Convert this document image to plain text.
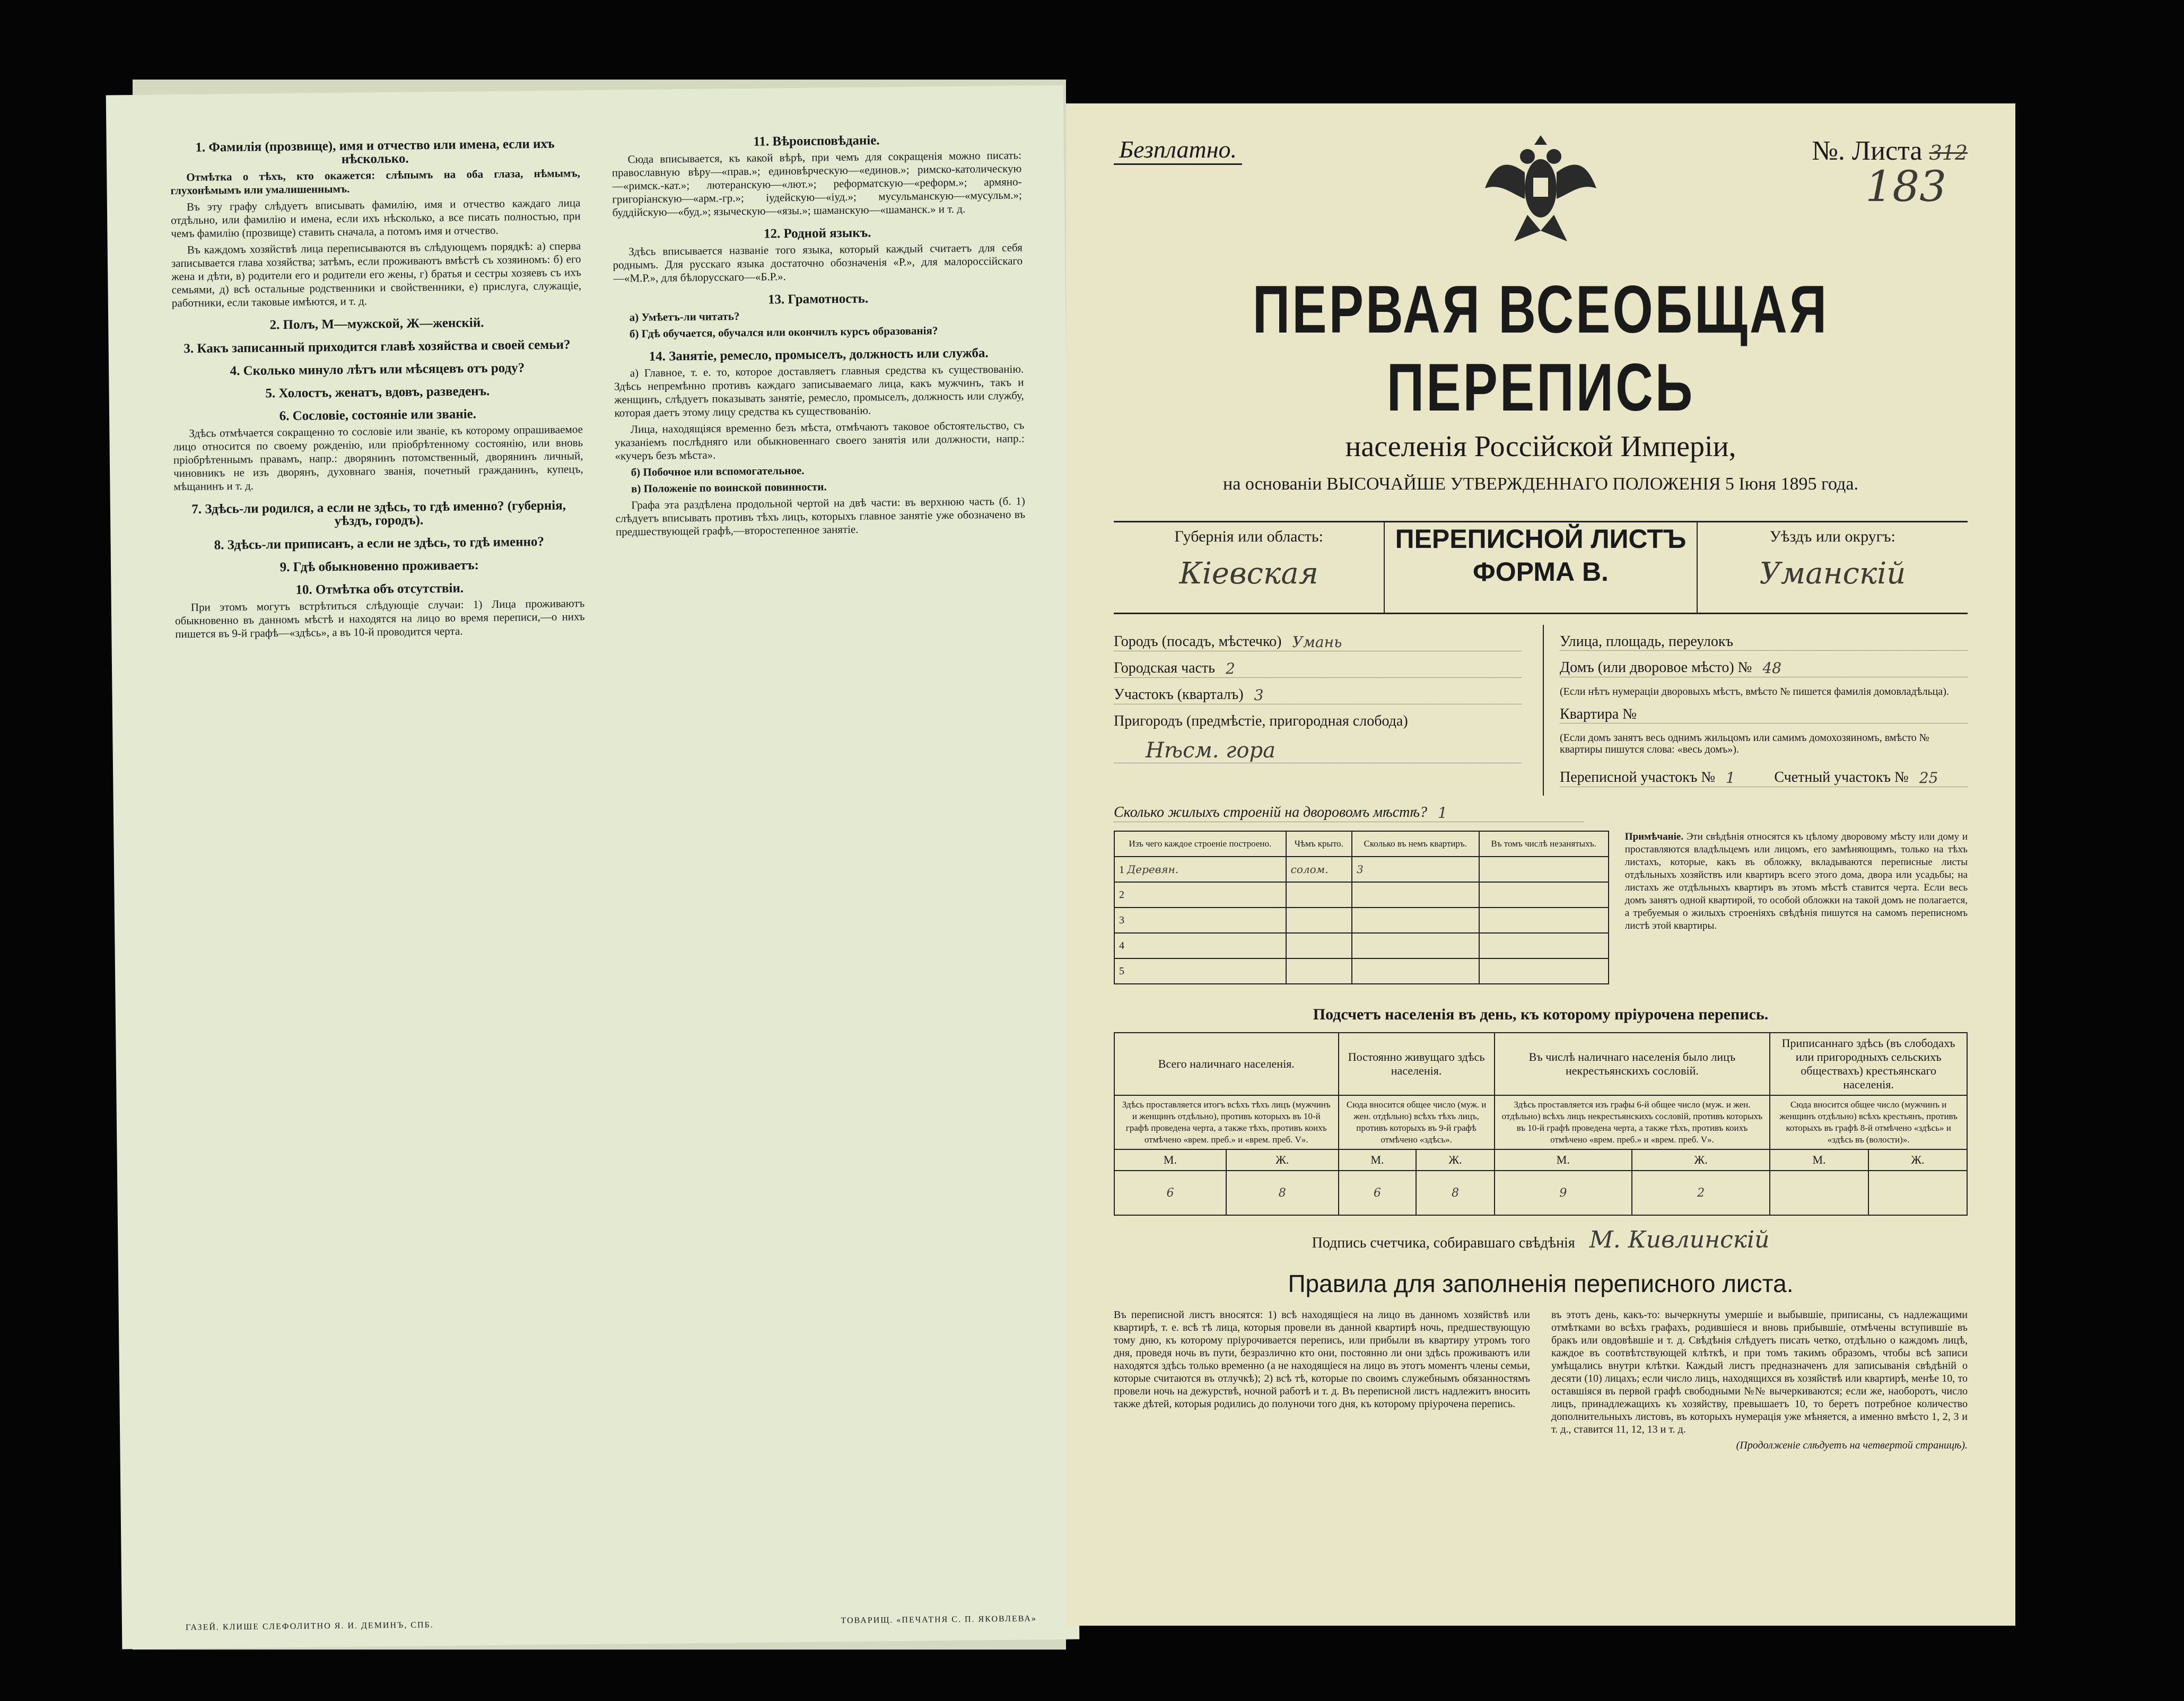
1. Фамилія (прозвище), имя и отчество или имена, если ихъ нѣсколько.

Отмѣтка о тѣхъ, кто окажется: слѣпымъ на оба глаза, нѣмымъ, глухонѣмымъ или умалишеннымъ.

Въ эту графу слѣдуетъ вписывать фамилію, имя и отчество каждаго лица отдѣльно, или фамилію и имена, если ихъ нѣсколько, а все писать полностью, при чемъ фамилію (прозвище) ставить сначала, а потомъ имя и отчество.

Въ каждомъ хозяйствѣ лица переписываются въ слѣдующемъ порядкѣ: а) сперва записывается глава хозяйства; затѣмъ, если проживаютъ вмѣстѣ съ хозяиномъ: б) его жена и дѣти, в) родители его и родители его жены, г) братья и сестры хозяевъ съ ихъ семьями, д) всѣ остальные родственники и свойственники, е) прислуга, служащіе, работники, если таковые имѣются, и т. д.

2. Полъ, М—мужской, Ж—женскій.
3. Какъ записанный приходится главѣ хозяйства и своей семьи?
4. Сколько минуло лѣтъ или мѣсяцевъ отъ роду?
5. Холостъ, женатъ, вдовъ, разведенъ.
6. Сословіе, состояніе или званіе.

Здѣсь отмѣчается сокращенно то сословіе или званіе, къ которому опрашиваемое лицо относится по своему рожденію, или пріобрѣтенному состоянію, или вновь пріобрѣтеннымъ правамъ, напр.: дворянинъ потомственный, дворянинъ личный, чиновникъ не изъ дворянъ, духовнаго званія, почетный гражданинъ, купецъ, мѣщанинъ и т. д.

7. Здѣсь-ли родился, а если не здѣсь, то гдѣ именно? (губернія, уѣздъ, городъ).
8. Здѣсь-ли приписанъ, а если не здѣсь, то гдѣ именно?
9. Гдѣ обыкновенно проживаетъ:
10. Отмѣтка объ отсутствіи.

При этомъ могутъ встрѣтиться слѣдующіе случаи: 1) Лица проживаютъ обыкновенно въ данномъ мѣстѣ и находятся на лицо во время переписи,—о нихъ пишется въ 9-й графѣ—«здѣсь», а въ 10-й проводится черта.

11. Вѣроисповѣданіе.

Сюда вписывается, къ какой вѣрѣ, при чемъ для сокращенія можно писать: православную вѣру—«прав.»; единовѣрческую—«единов.»; римско-католическую—«римск.-кат.»; лютеранскую—«лют.»; реформатскую—«реформ.»; армяно-григоріанскую—«арм.-гр.»; іудейскую—«іуд.»; мусульманскую—«мусульм.»; буддійскую—«буд.»; языческую—«язы.»; шаманскую—«шаманск.» и т. д.

12. Родной языкъ.

Здѣсь вписывается названіе того языка, который каждый считаетъ для себя роднымъ. Для русскаго языка достаточно обозначенія «Р.», для малороссійскаго—«М.Р.», для бѣлорусскаго—«Б.Р.».

13. Грамотность.

а) Умѣетъ-ли читать?

б) Гдѣ обучается, обучался или окончилъ курсъ образованія?

14. Занятіе, ремесло, промыселъ, должность или служба.

а) Главное, т. е. то, которое доставляетъ главныя средства къ существованію. Здѣсь непремѣнно противъ каждаго записываемаго лица, какъ мужчинъ, такъ и женщинъ, слѣдуетъ показывать занятіе, ремесло, промыселъ, должность или службу, которая даетъ этому лицу средства къ существованію.

Лица, находящіяся временно безъ мѣста, отмѣчаютъ таковое обстоятельство, съ указаніемъ послѣдняго или обыкновеннаго своего занятія или должности, напр.: «кучеръ безъ мѣста».

б) Побочное или вспомогательное.

в) Положеніе по воинской повинности.

Графа эта раздѣлена продольной чертой на двѣ части: въ верхнюю часть (б. 1) слѣдуетъ вписывать противъ тѣхъ лицъ, которыхъ главное занятіе уже обозначено въ предшествующей графѣ,—второстепенное занятіе.

ГАЗЕЙ. КЛИШЕ СЛЕФОЛИТНО Я. И. ДЕМИНЪ, СПБ.
ТОВАРИЩ. «ПЕЧАТНЯ С. П. ЯКОВЛЕВА»
Безплатно.	№. Листа 312
183
ПЕРВАЯ ВСЕОБЩАЯ ПЕРЕПИСЬ
населенія Россійской Имперіи,
на основаніи ВЫСОЧАЙШЕ УТВЕРЖДЕННАГО ПОЛОЖЕНІЯ 5 Іюня 1895 года.
Губернія или область:
Кіевская
ПЕРЕПИСНОЙ ЛИСТЪ
ФОРМА В.
Уѣздъ или округъ:
Уманскій
Городъ (посадъ, мѣстечко) Умань
Городская часть 2
Участокъ (кварталъ) 3
Пригородъ (предмѣстіе, пригородная слобода)
Нѣсм. гора
Улица, площадь, переулокъ
Домъ (или дворовое мѣсто) № 48
(Если нѣтъ нумераціи дворовыхъ мѣстъ, вмѣсто № пишется фамилія домовладѣльца).
Квартира №
(Если домъ занятъ весь однимъ жильцомъ или самимъ домохозяиномъ, вмѣсто № квартиры пишутся слова: «весь домъ»).
Переписной участокъ № 1	Счетный участокъ № 25
Сколько жилыхъ строеній на дворовомъ мѣстѣ? 1
Изъ чего каждое строеніе построено.	Чѣмъ крыто.	Сколько въ немъ квартиръ.	Въ томъ числѣ незанятыхъ.
1 Деревян.	солом.	3	
2			
3			
4			
5			
Примѣчаніе. Эти свѣдѣнія относятся къ цѣлому дворовому мѣсту или дому и проставляются владѣльцемъ или лицомъ, его замѣняющимъ, только на тѣхъ листахъ, которые, какъ въ обложку, вкладываются переписные листы отдѣльныхъ хозяйствъ или квартиръ всего этого дома, двора или усадьбы; на листахъ же отдѣльныхъ квартиръ въ этомъ мѣстѣ ставится черта. Если весь домъ занятъ одной квартирой, то особой обложки на такой домъ не полагается, а требуемыя о жилыхъ строеніяхъ свѣдѣнія пишутся на самомъ переписномъ листѣ этой квартиры.
Подсчетъ населенія въ день, къ которому пріурочена перепись.
Всего наличнаго населенія.		Постоянно живущаго здѣсь населенія.		Въ числѣ наличнаго населенія было лицъ некрестьянскихъ сословій.		Приписаннаго здѣсь (въ слободахъ или пригородныхъ сельскихъ обществахъ) крестьянскаго населенія.	
Здѣсь проставляется итогъ всѣхъ тѣхъ лицъ (мужчинъ и женщинъ отдѣльно), противъ которыхъ въ 10-й графѣ проведена черта, а также тѣхъ, противъ коихъ отмѣчено «врем. преб.» и «врем. преб. V».		Сюда вносится общее число (муж. и жен. отдѣльно) всѣхъ тѣхъ лицъ, противъ которыхъ въ 9-й графѣ отмѣчено «здѣсь».		Здѣсь проставляется изъ графы 6-й общее число (муж. и жен. отдѣльно) всѣхъ лицъ некрестьянскихъ сословій, противъ которыхъ въ 10-й графѣ проведена черта, а также тѣхъ, противъ коихъ отмѣчено «врем. преб.» и «врем. преб. V».		Сюда вносится общее число (мужчинъ и женщинъ отдѣльно) всѣхъ крестьянъ, противъ которыхъ въ графѣ 8-й отмѣчено «здѣсь» и «здѣсь въ (волости)».	
М.	Ж.	М.	Ж.	М.	Ж.	М.	Ж.
6	8	6	8	9	2		
Подпись счетчика, собиравшаго свѣдѣнія М. Кивлинскій
Правила для заполненія переписного листа.
Въ переписной листъ вносятся: 1) всѣ находящіеся на лицо въ данномъ хозяйствѣ или квартирѣ, т. е. всѣ тѣ лица, которыя провели въ данной квартирѣ ночь, предшествующую тому дню, къ которому пріурочивается перепись, или прибыли въ квартиру утромъ того дня, проведя ночь въ пути, безразлично кто они, постоянно ли они здѣсь проживаютъ или находятся здѣсь только временно (а не находящіеся на лицо въ этотъ моментъ члены семьи, которые считаются въ отлучкѣ); 2) всѣ тѣ, которые по своимъ служебнымъ обязанностямъ провели ночь на дежурствѣ, ночной работѣ и т. д. Въ переписной листъ надлежитъ вносить также дѣтей, которыя родились до полуночи того дня, къ которому пріурочена перепись.
въ этотъ день, какъ-то: вычеркнуты умершіе и выбывшіе, приписаны, съ надлежащими отмѣтками во всѣхъ графахъ, родившіеся и вновь прибывшіе, отмѣчены вступившіе въ бракъ или овдовѣвшіе и т. д. Свѣдѣнія слѣдуетъ писать четко, отдѣльно о каждомъ лицѣ, каждое въ соотвѣтствующей клѣткѣ, и при томъ такимъ образомъ, чтобы всѣ записи умѣщались внутри клѣтки. Каждый листъ предназначенъ для записыванія свѣдѣній о десяти (10) лицахъ; если число лицъ, находящихся въ хозяйствѣ или квартирѣ, менѣе 10, то оставшіяся въ первой графѣ свободными №№ вычеркиваются; если же, наоборотъ, число лицъ, принадлежащихъ къ хозяйству, превышаетъ 10, то беретъ потребное количество дополнительныхъ листовъ, въ которыхъ нумерація уже мѣняется, а именно вмѣсто 1, 2, 3 и т. д., ставится 11, 12, 13 и т. д.
(Продолженіе слѣдуетъ на четвертой страницѣ).
